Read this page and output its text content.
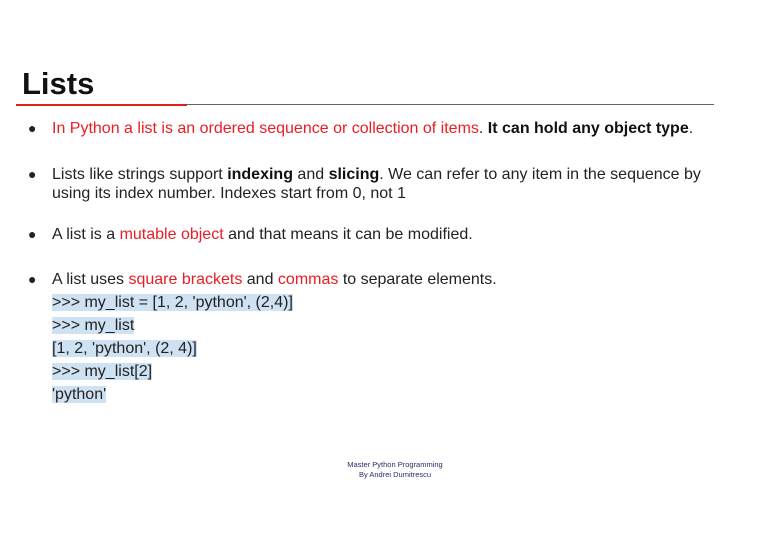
Lists
● In Python a list is an ordered sequence or collection of items. It can hold any object type.
● Lists like strings support indexing and slicing. We can refer to any item in the sequence by using its index number. Indexes start from 0, not 1
● A list is a mutable object and that means it can be modified.
● A list uses square brackets and commas to separate elements.
>>> my_list = [1, 2, 'python', (2,4)]
>>> my_list
[1, 2, 'python', (2, 4)]
>>> my_list[2]
'python'
Master Python Programming
By Andrei Dumitrescu
